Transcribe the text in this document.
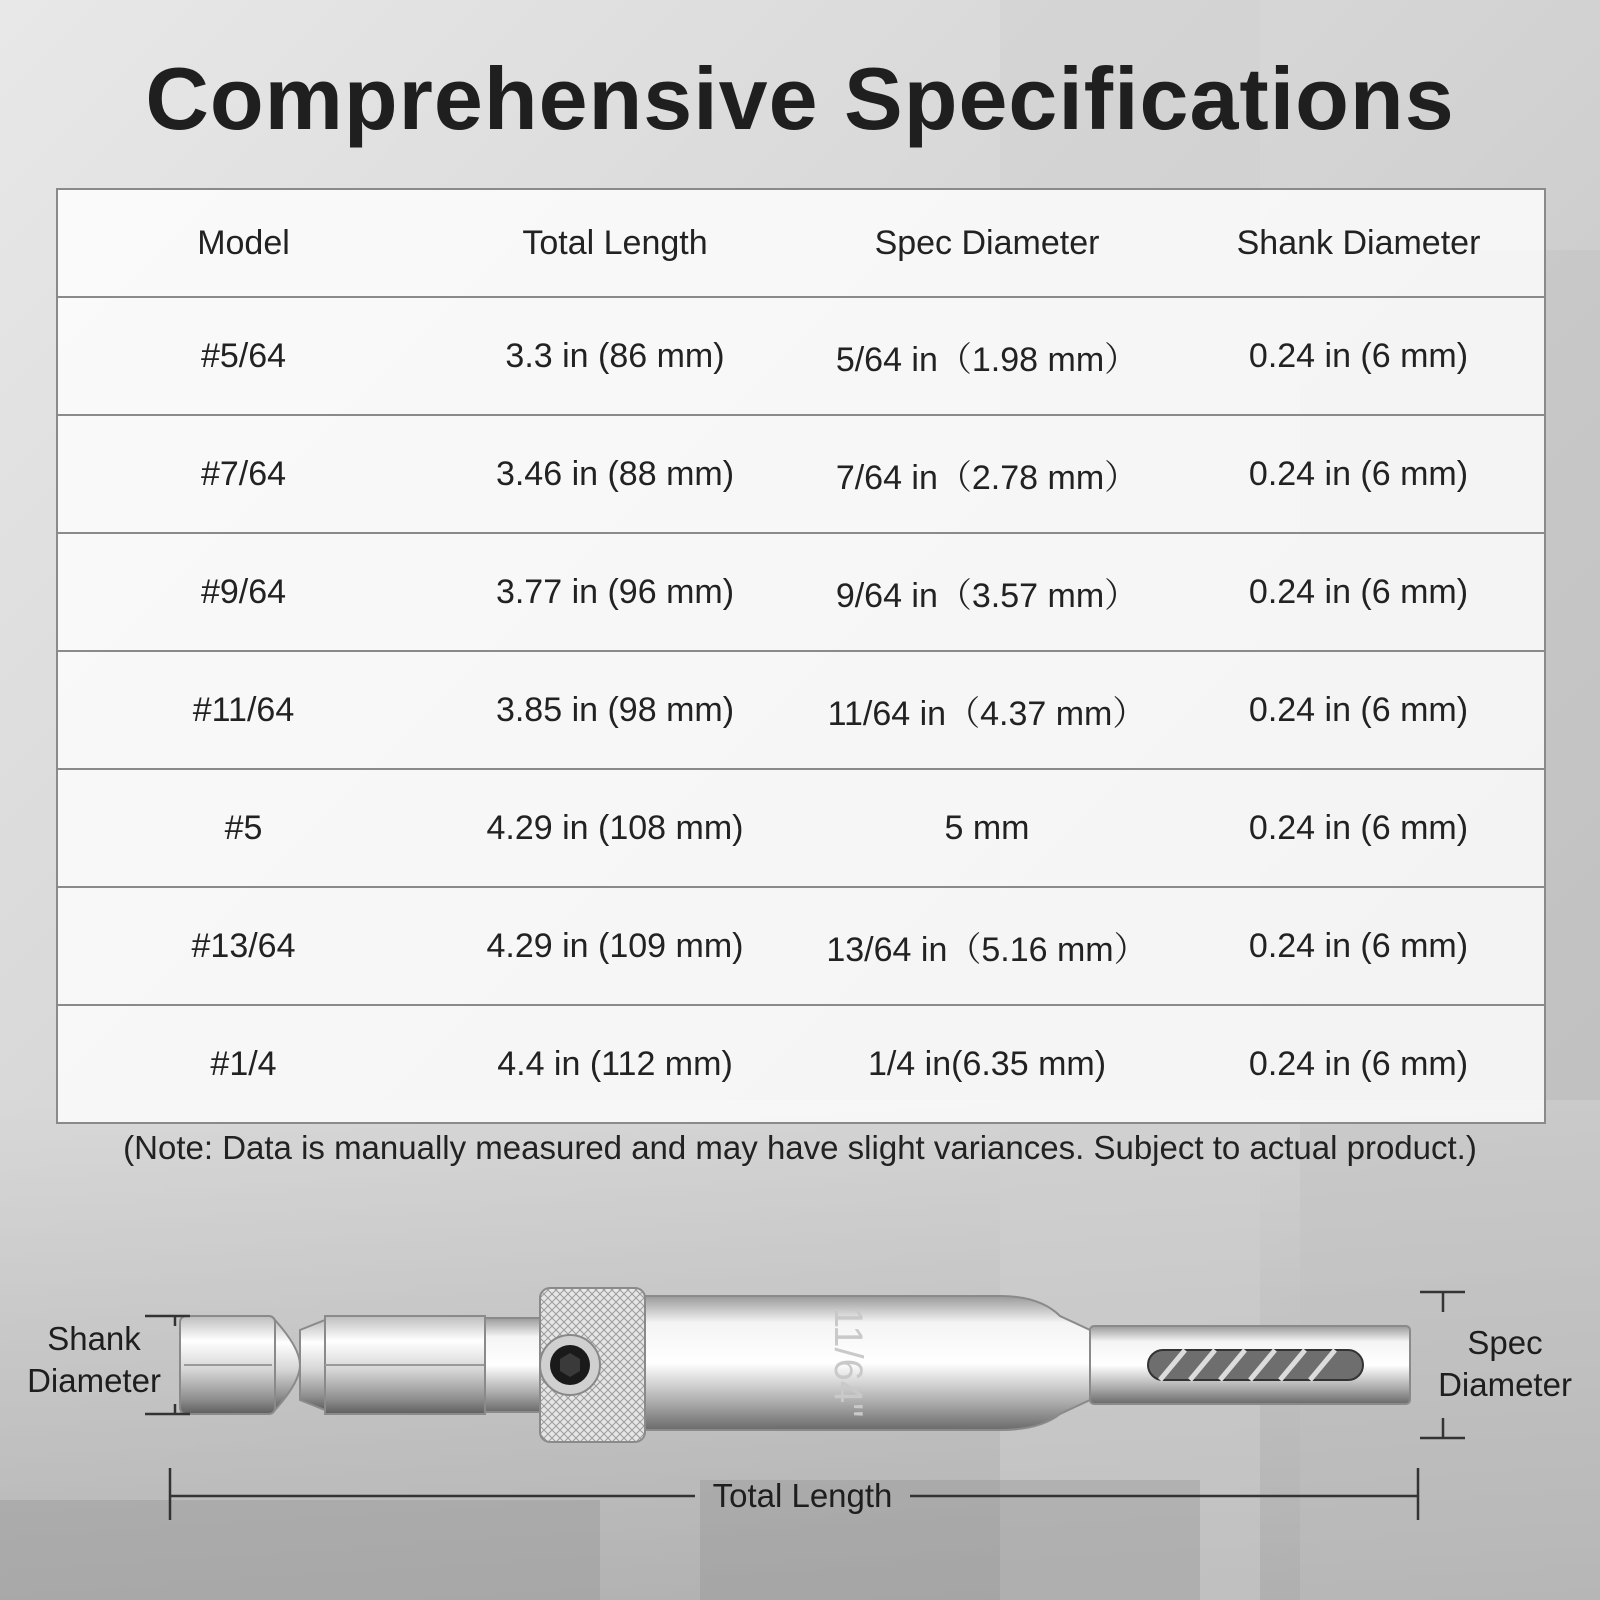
Comprehensive Specifications
Model	Total Length	Spec Diameter	Shank Diameter
#5/64	3.3 in (86 mm)	5/64 in（1.98 mm）	0.24 in (6 mm)
#7/64	3.46 in (88 mm)	7/64 in（2.78 mm）	0.24 in (6 mm)
#9/64	3.77 in (96 mm)	9/64 in（3.57 mm）	0.24 in (6 mm)
#11/64	3.85 in (98 mm)	11/64 in（4.37 mm）	0.24 in (6 mm)
#5	4.29 in (108 mm)	5 mm	0.24 in (6 mm)
#13/64	4.29 in (109 mm)	13/64 in（5.16 mm）	0.24 in (6 mm)
#1/4	4.4 in (112 mm)	1/4 in(6.35 mm)	0.24 in (6 mm)
(Note: Data is manually measured and may have slight variances. Subject to actual product.)
11/64"
Shank
Diameter
Spec
Diameter
Total Length
